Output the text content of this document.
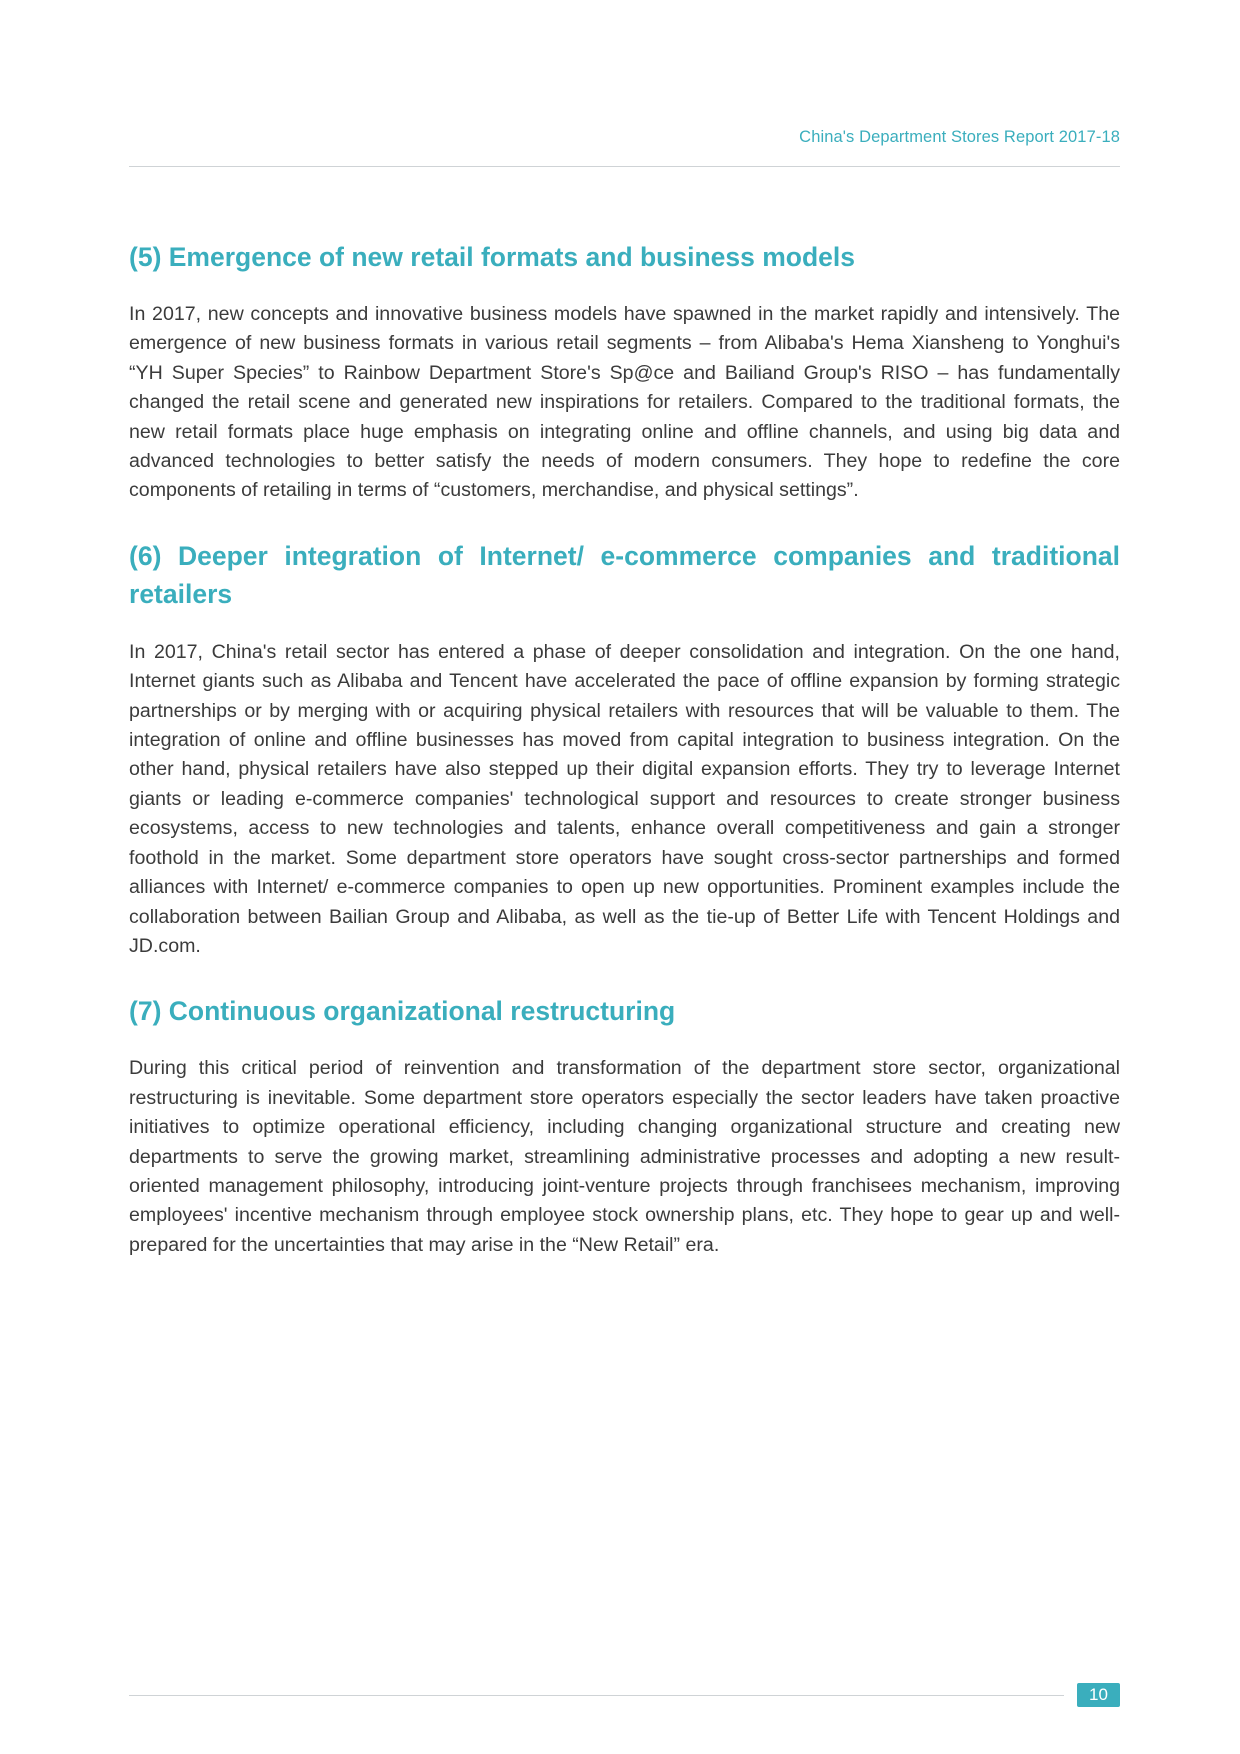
China's Department Stores Report 2017-18
(5) Emergence of new retail formats and business models

In 2017, new concepts and innovative business models have spawned in the market rapidly and intensively. The emergence of new business formats in various retail segments – from Alibaba's Hema Xiansheng to Yonghui's “YH Super Species” to Rainbow Department Store's Sp@ce and Bailiand Group's RISO – has fundamentally changed the retail scene and generated new inspirations for retailers. Compared to the traditional formats, the new retail formats place huge emphasis on integrating online and offline channels, and using big data and advanced technologies to better satisfy the needs of modern consumers. They hope to redefine the core components of retailing in terms of “customers, merchandise, and physical settings”.

(6) Deeper integration of Internet/ e-commerce companies and traditional retailers

In 2017, China's retail sector has entered a phase of deeper consolidation and integration. On the one hand, Internet giants such as Alibaba and Tencent have accelerated the pace of offline expansion by forming strategic partnerships or by merging with or acquiring physical retailers with resources that will be valuable to them. The integration of online and offline businesses has moved from capital integration to business integration. On the other hand, physical retailers have also stepped up their digital expansion efforts. They try to leverage Internet giants or leading e-commerce companies' technological support and resources to create stronger business ecosystems, access to new technologies and talents, enhance overall competitiveness and gain a stronger foothold in the market. Some department store operators have sought cross-sector partnerships and formed alliances with Internet/ e-commerce companies to open up new opportunities. Prominent examples include the collaboration between Bailian Group and Alibaba, as well as the tie-up of Better Life with Tencent Holdings and JD.com.

(7) Continuous organizational restructuring

During this critical period of reinvention and transformation of the department store sector, organizational restructuring is inevitable. Some department store operators especially the sector leaders have taken proactive initiatives to optimize operational efficiency, including changing organizational structure and creating new departments to serve the growing market, streamlining administrative processes and adopting a new result-oriented management philosophy, introducing joint-venture projects through franchisees mechanism, improving employees' incentive mechanism through employee stock ownership plans, etc. They hope to gear up and well-prepared for the uncertainties that may arise in the “New Retail” era.

10
